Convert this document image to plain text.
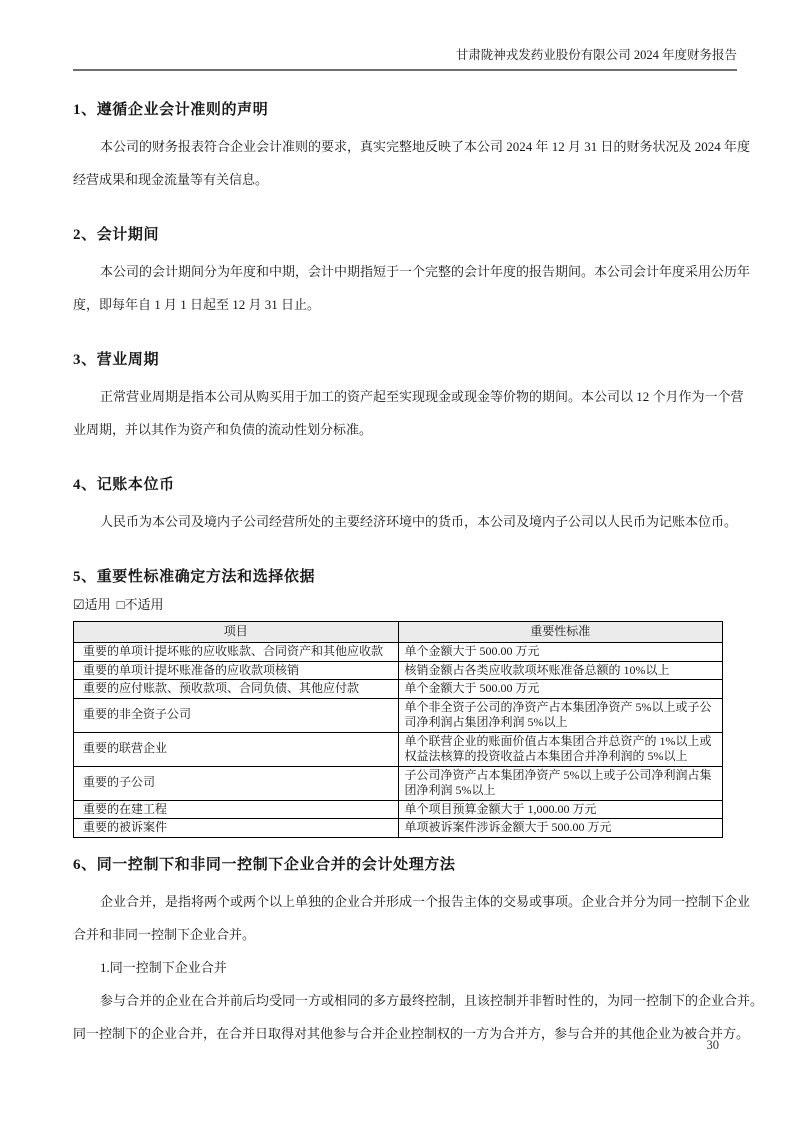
甘肃陇神戎发药业股份有限公司 2024 年度财务报告
1、遵循企业会计准则的声明
本公司的财务报表符合企业会计准则的要求，真实完整地反映了本公司 2024 年 12 月 31 日的财务状况及 2024 年度
经营成果和现金流量等有关信息。
2、会计期间
本公司的会计期间分为年度和中期，会计中期指短于一个完整的会计年度的报告期间。本公司会计年度采用公历年
度，即每年自 1 月 1 日起至 12 月 31 日止。
3、营业周期
正常营业周期是指本公司从购买用于加工的资产起至实现现金或现金等价物的期间。本公司以 12 个月作为一个营
业周期，并以其作为资产和负债的流动性划分标准。
4、记账本位币
人民币为本公司及境内子公司经营所处的主要经济环境中的货币，本公司及境内子公司以人民币为记账本位币。
5、重要性标准确定方法和选择依据
☑适用 □不适用
项目	重要性标准
重要的单项计提坏账的应收账款、合同资产和其他应收款	单个金额大于 500.00 万元
重要的单项计提坏账准备的应收款项核销	核销金额占各类应收款项坏账准备总额的 10%以上
重要的应付账款、预收款项、合同负债、其他应付款	单个金额大于 500.00 万元
重要的非全资子公司	单个非全资子公司的净资产占本集团净资产 5%以上或子公司净利润占集团净利润 5%以上
重要的联营企业	单个联营企业的账面价值占本集团合并总资产的 1%以上或权益法核算的投资收益占本集团合并净利润的 5%以上
重要的子公司	子公司净资产占本集团净资产 5%以上或子公司净利润占集团净利润 5%以上
重要的在建工程	单个项目预算金额大于 1,000.00 万元
重要的被诉案件	单项被诉案件涉诉金额大于 500.00 万元
6、同一控制下和非同一控制下企业合并的会计处理方法
企业合并，是指将两个或两个以上单独的企业合并形成一个报告主体的交易或事项。企业合并分为同一控制下企业
合并和非同一控制下企业合并。
1.同一控制下企业合并
参与合并的企业在合并前后均受同一方或相同的多方最终控制，且该控制并非暂时性的，为同一控制下的企业合并。
同一控制下的企业合并，在合并日取得对其他参与合并企业控制权的一方为合并方，参与合并的其他企业为被合并方。
30
